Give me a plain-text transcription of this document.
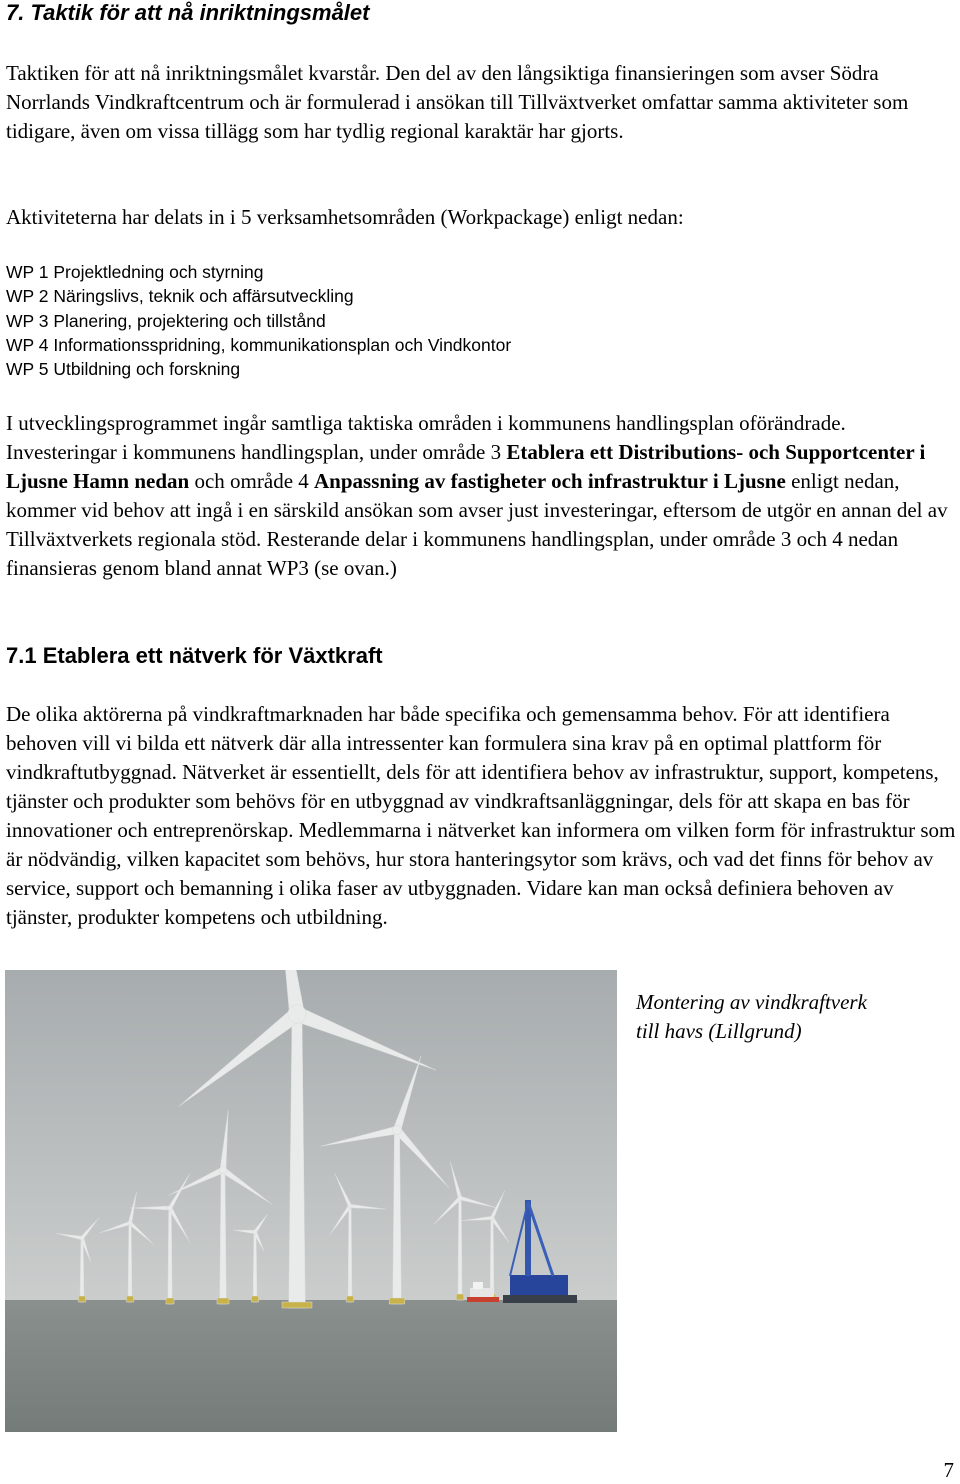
7. Taktik för att nå inriktningsmålet

Taktiken för att nå inriktningsmålet kvarstår. Den del av den långsiktiga finansieringen som avser Södra Norrlands Vindkraftcentrum och är formulerad i ansökan till Tillväxtverket omfattar samma aktiviteter som tidigare, även om vissa tillägg som har tydlig regional karaktär har gjorts.

Aktiviteterna har delats in i 5 verksamhetsområden (Workpackage) enligt nedan:

WP 1 Projektledning och styrning
WP 2 Näringslivs, teknik och affärsutveckling
WP 3 Planering, projektering och tillstånd
WP 4 Informationsspridning, kommunikationsplan och Vindkontor
WP 5 Utbildning och forskning

I utvecklingsprogrammet ingår samtliga taktiska områden i kommunens handlingsplan oförändrade. Investeringar i kommunens handlingsplan, under område 3 Etablera ett Distributions- och Supportcenter i Ljusne Hamn nedan och område 4 Anpassning av fastigheter och infrastruktur i Ljusne enligt nedan, kommer vid behov att ingå i en särskild ansökan som avser just investeringar, eftersom de utgör en annan del av Tillväxtverkets regionala stöd. Resterande delar i kommunens handlingsplan, under område 3 och 4 nedan finansieras genom bland annat WP3 (se ovan.)

7.1 Etablera ett nätverk för Växtkraft

De olika aktörerna på vindkraftmarknaden har både specifika och gemensamma behov. För att identifiera behoven vill vi bilda ett nätverk där alla intressenter kan formulera sina krav på en optimal plattform för vindkraftutbyggnad. Nätverket är essentiellt, dels för att identifiera behov av infrastruktur, support, kompetens, tjänster och produkter som behövs för en utbyggnad av vindkraftsanläggningar, dels för att skapa en bas för innovationer och entreprenörskap. Medlemmarna i nätverket kan informera om vilken form för infrastruktur som är nödvändig, vilken kapacitet som behövs, hur stora hanteringsytor som krävs, och vad det finns för behov av service, support och bemanning i olika faser av utbyggnaden. Vidare kan man också definiera behoven av tjänster, produkter kompetens och utbildning.

Montering av vindkraftverk
till havs (Lillgrund)

7
